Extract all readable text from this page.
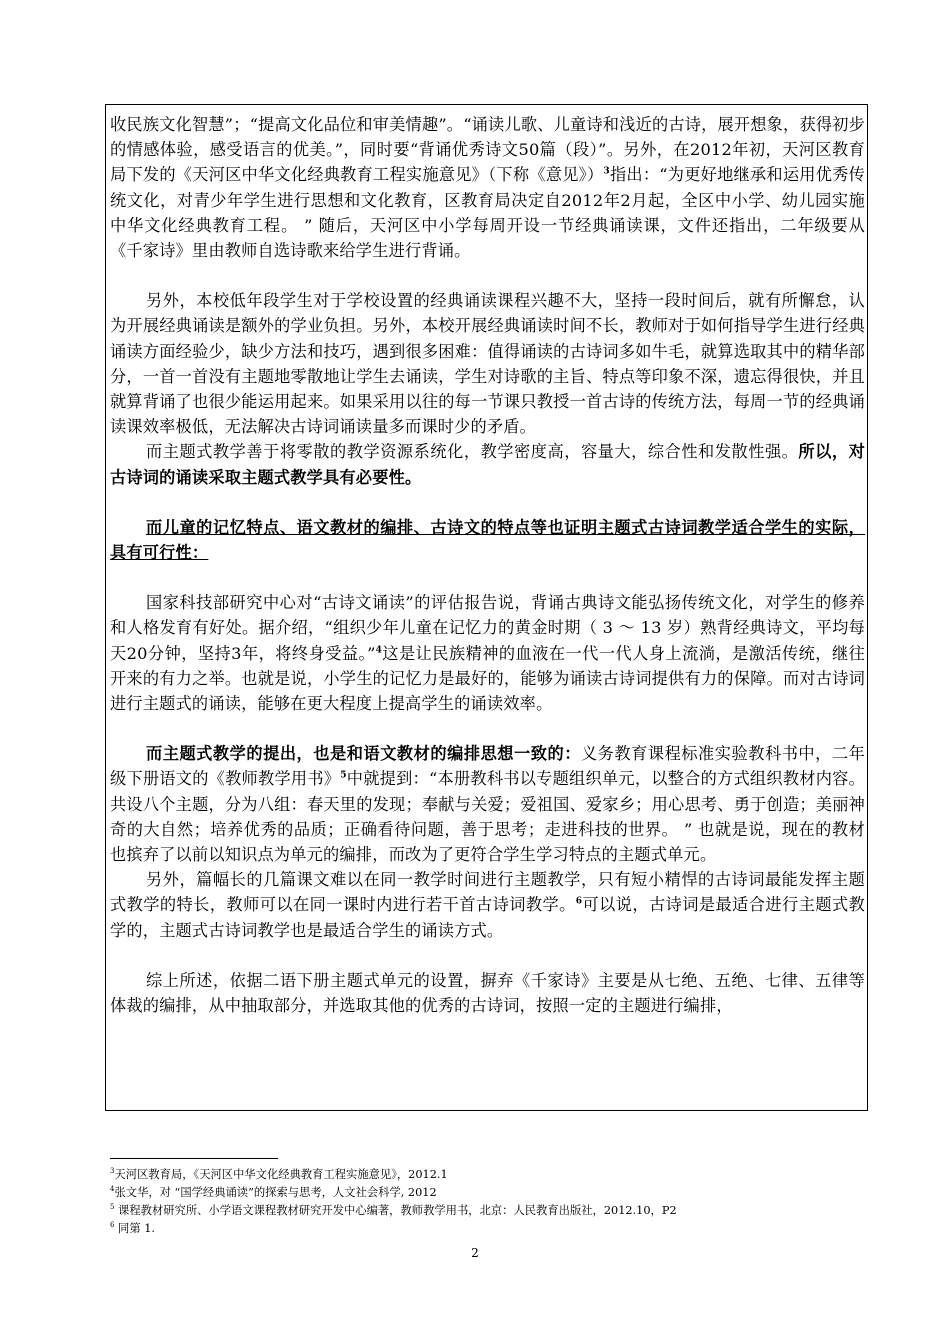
收民族文化智慧”；“提高文化品位和审美情趣”。“诵读儿歌、儿童诗和浅近的古诗，展开想象，获得初步的情感体验，感受语言的优美。”，同时要“背诵优秀诗文50篇（段）”。另外，在2012年初，天河区教育局下发的《天河区中华文化经典教育工程实施意见》（下称《意见》）$^3$指出：“为更好地继承和运用优秀传统文化，对青少年学生进行思想和文化教育，区教育局决定自2012年2月起，全区中小学、幼儿园实施中华文化经典教育工程。 ” 随后，天河区中小学每周开设一节经典诵读课，文件还指出，二年级要从《千家诗》里由教师自选诗歌来给学生进行背诵。

另外，本校低年段学生对于学校设置的经典诵读课程兴趣不大，坚持一段时间后，就有所懈怠，认为开展经典诵读是额外的学业负担。另外，本校开展经典诵读时间不长，教师对于如何指导学生进行经典诵读方面经验少，缺少方法和技巧，遇到很多困难：值得诵读的古诗词多如牛毛，就算选取其中的精华部分，一首一首没有主题地零散地让学生去诵读，学生对诗歌的主旨、特点等印象不深，遗忘得很快，并且就算背诵了也很少能运用起来。如果采用以往的每一节课只教授一首古诗的传统方法，每周一节的经典诵读课效率极低，无法解决古诗词诵读量多而课时少的矛盾。

而主题式教学善于将零散的教学资源系统化，教学密度高，容量大，综合性和发散性强。所以，对古诗词的诵读采取主题式教学具有必要性。

而儿童的记忆特点、语文教材的编排、古诗文的特点等也证明主题式古诗词教学适合学生的实际，具有可行性：

国家科技部研究中心对“古诗文诵读”的评估报告说，背诵古典诗文能弘扬传统文化，对学生的修养和人格发育有好处。据介绍，“组织少年儿童在记忆力的黄金时期（ 3 ～ 13 岁）熟背经典诗文，平均每天20分钟，坚持3年，将终身受益。”$^4$这是让民族精神的血液在一代一代人身上流淌，是激活传统，继往开来的有力之举。也就是说，小学生的记忆力是最好的，能够为诵读古诗词提供有力的保障。而对古诗词进行主题式的诵读，能够在更大程度上提高学生的诵读效率。

而主题式教学的提出，也是和语文教材的编排思想一致的：义务教育课程标准实验教科书中，二年级下册语文的《教师教学用书》$^5$中就提到：“本册教科书以专题组织单元，以整合的方式组织教材内容。共设八个主题，分为八组：春天里的发现；奉献与关爱；爱祖国、爱家乡；用心思考、勇于创造；美丽神奇的大自然；培养优秀的品质；正确看待问题，善于思考；走进科技的世界。 ” 也就是说，现在的教材也摈弃了以前以知识点为单元的编排，而改为了更符合学生学习特点的主题式单元。

另外，篇幅长的几篇课文难以在同一教学时间进行主题教学，只有短小精悍的古诗词最能发挥主题式教学的特长，教师可以在同一课时内进行若干首古诗词教学。$^6$可以说，古诗词是最适合进行主题式教学的，主题式古诗词教学也是最适合学生的诵读方式。

综上所述，依据二语下册主题式单元的设置，摒弃《千家诗》主要是从七绝、五绝、七律、五律等体裁的编排，从中抽取部分，并选取其他的优秀的古诗词，按照一定的主题进行编排，

$^3$天河区教育局，《天河区中华文化经典教育工程实施意见》，2012.1

$^4$张文华，对 “国学经典诵读”的探索与思考，人文社会科学, 2012

$^5$ 课程教材研究所、小学语文课程教材研究开发中心编著，教师教学用书，北京：人民教育出版社，2012.10，P2

$^6$ 同第 1.

2
